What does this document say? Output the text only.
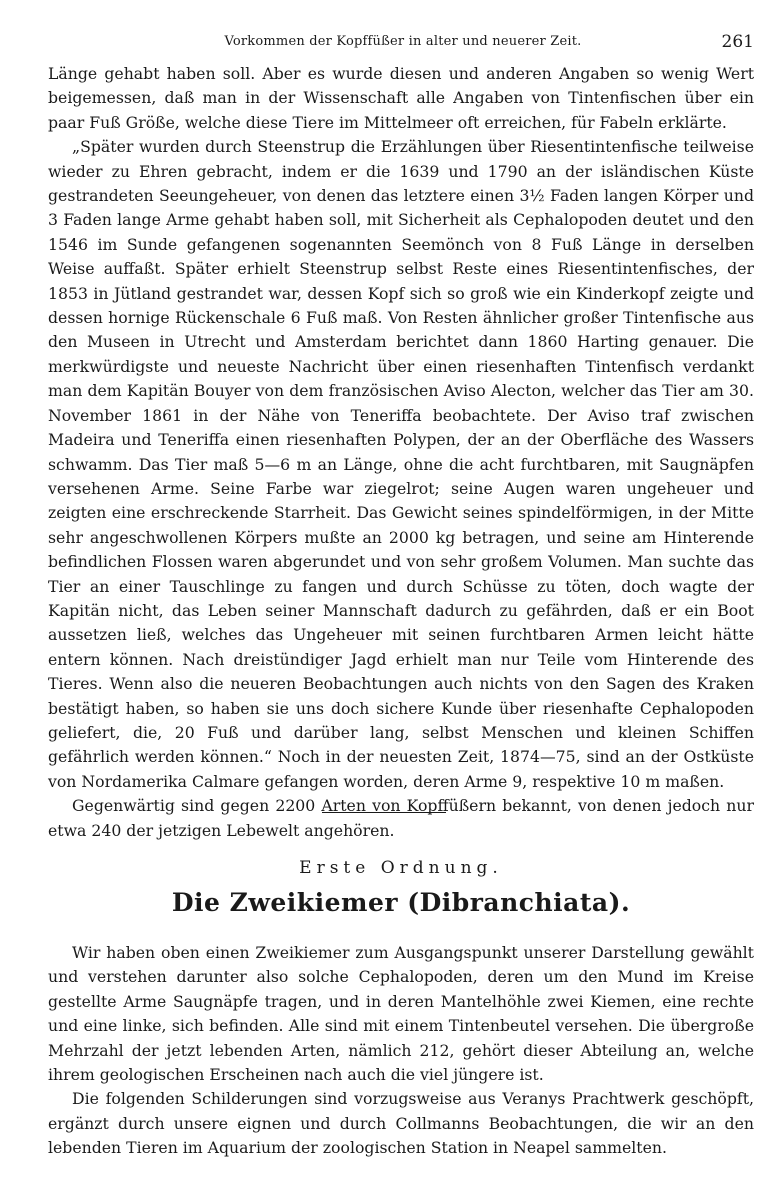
Vorkommen der Kopffüßer in alter und neuerer Zeit.	261

Länge gehabt haben soll. Aber es wurde diesen und anderen Angaben so wenig Wert beigemessen, daß man in der Wissenschaft alle Angaben von Tintenfischen über ein paar Fuß Größe, welche diese Tiere im Mittelmeer oft erreichen, für Fabeln erklärte.

„Später wurden durch Steenstrup die Erzählungen über Riesentintenfische teilweise wieder zu Ehren gebracht, indem er die 1639 und 1790 an der isländischen Küste gestrandeten Seeungeheuer, von denen das letztere einen 3½ Faden langen Körper und 3 Faden lange Arme gehabt haben soll, mit Sicherheit als Cephalopoden deutet und den 1546 im Sunde gefangenen sogenannten Seemönch von 8 Fuß Länge in derselben Weise auffaßt. Später erhielt Steenstrup selbst Reste eines Riesentintenfisches, der 1853 in Jütland gestrandet war, dessen Kopf sich so groß wie ein Kinderkopf zeigte und dessen hornige Rückenschale 6 Fuß maß. Von Resten ähnlicher großer Tintenfische aus den Museen in Utrecht und Amsterdam berichtet dann 1860 Harting genauer. Die merkwürdigste und neueste Nachricht über einen riesenhaften Tintenfisch verdankt man dem Kapitän Bouyer von dem französischen Aviso Alecton, welcher das Tier am 30. November 1861 in der Nähe von Teneriffa beobachtete. Der Aviso traf zwischen Madeira und Teneriffa einen riesenhaften Polypen, der an der Oberfläche des Wassers schwamm. Das Tier maß 5—6 m an Länge, ohne die acht furchtbaren, mit Saugnäpfen versehenen Arme. Seine Farbe war ziegelrot; seine Augen waren ungeheuer und zeigten eine erschreckende Starrheit. Das Gewicht seines spindelförmigen, in der Mitte sehr angeschwollenen Körpers mußte an 2000 kg betragen, und seine am Hinterende befindlichen Flossen waren abgerundet und von sehr großem Volumen. Man suchte das Tier an einer Tauschlinge zu fangen und durch Schüsse zu töten, doch wagte der Kapitän nicht, das Leben seiner Mannschaft dadurch zu gefährden, daß er ein Boot aussetzen ließ, welches das Ungeheuer mit seinen furchtbaren Armen leicht hätte entern können. Nach dreistündiger Jagd erhielt man nur Teile vom Hinterende des Tieres. Wenn also die neueren Beobachtungen auch nichts von den Sagen des Kraken bestätigt haben, so haben sie uns doch sichere Kunde über riesenhafte Cephalopoden geliefert, die, 20 Fuß und darüber lang, selbst Menschen und kleinen Schiffen gefährlich werden können.“ Noch in der neuesten Zeit, 1874—75, sind an der Ostküste von Nordamerika Calmare gefangen worden, deren Arme 9, respektive 10 m maßen.

Gegenwärtig sind gegen 2200 Arten von Kopffüßern bekannt, von denen jedoch nur etwa 240 der jetzigen Lebewelt angehören.

Erste Ordnung.
Die Zweikiemer (Dibranchiata).

Wir haben oben einen Zweikiemer zum Ausgangspunkt unserer Darstellung gewählt und verstehen darunter also solche Cephalopoden, deren um den Mund im Kreise gestellte Arme Saugnäpfe tragen, und in deren Mantelhöhle zwei Kiemen, eine rechte und eine linke, sich befinden. Alle sind mit einem Tintenbeutel versehen. Die übergroße Mehrzahl der jetzt lebenden Arten, nämlich 212, gehört dieser Abteilung an, welche ihrem geologischen Erscheinen nach auch die viel jüngere ist.

Die folgenden Schilderungen sind vorzugsweise aus Veranys Prachtwerk geschöpft, ergänzt durch unsere eignen und durch Collmanns Beobachtungen, die wir an den lebenden Tieren im Aquarium der zoologischen Station in Neapel sammelten.
